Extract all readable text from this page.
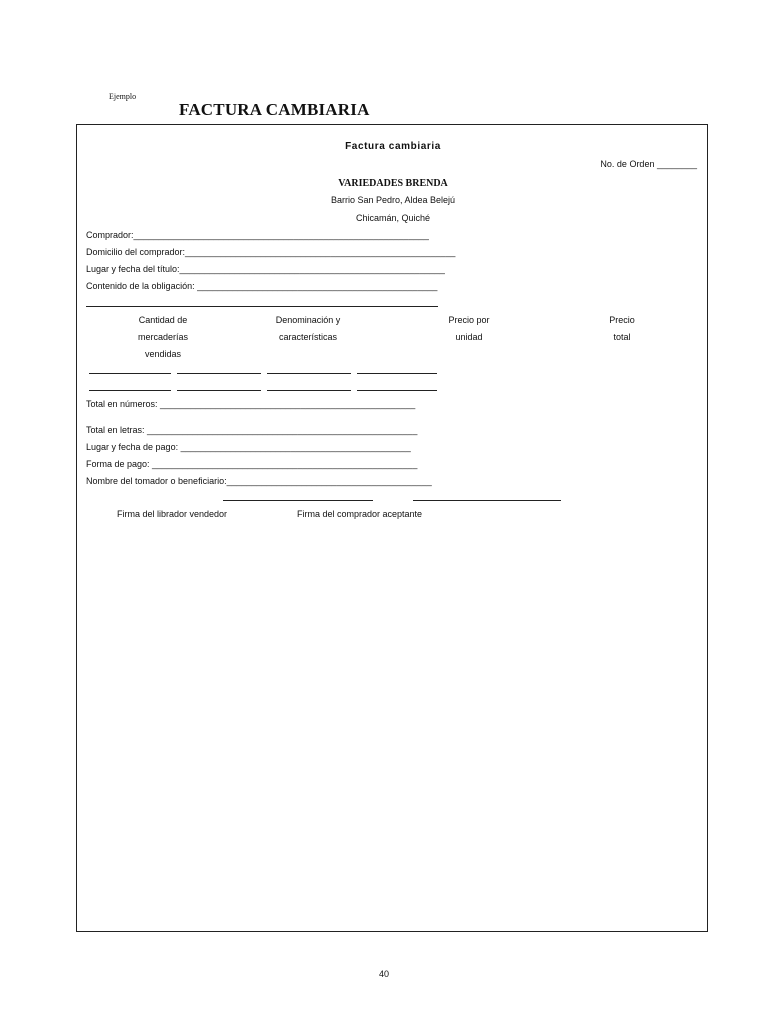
Ejemplo
FACTURA CAMBIARIA
Factura cambiaria
No. de Orden ________
VARIEDADES BRENDA
Barrio San Pedro, Aldea Belejú
Chicamán, Quiché
Comprador:___________________________________________________________
Domicilio del comprador:______________________________________________________
Lugar y fecha del título:_____________________________________________________
Contenido de la obligación: ________________________________________________
Cantidad de
mercaderías
vendidas
Denominación y
características
Precio por
unidad
Precio
total
Total en números: ___________________________________________________
Total en letras: ______________________________________________________
Lugar y fecha de pago: ______________________________________________
Forma de pago: _____________________________________________________
Nombre del tomador o beneficiario:_________________________________________
Firma del librador vendedor	Firma del comprador aceptante
40
